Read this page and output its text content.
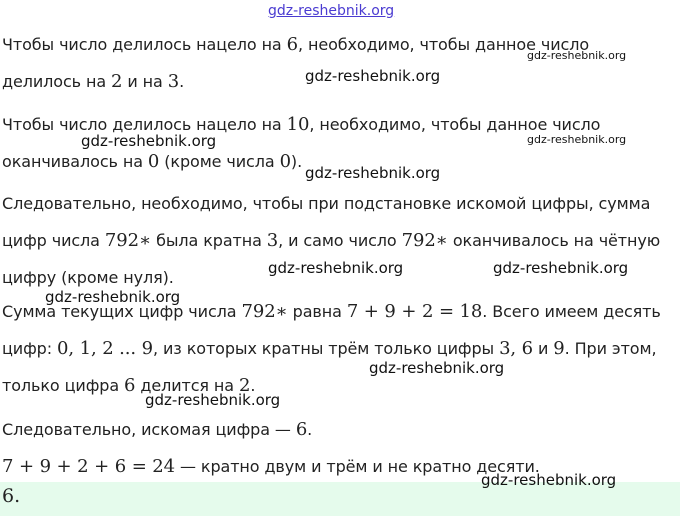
gdz-reshebnik.org

Чтобы число делилось нацело на 6, необходимо, чтобы данное число
делилось на 2 и на 3.

Чтобы число делилось нацело на 10, необходимо, чтобы данное число
оканчивалось на 0 (кроме числа 0).

Следовательно, необходимо, чтобы при подстановке искомой цифры, сумма
цифр числа 792∗ была кратна 3, и само число 792∗ оканчивалось на чётную
цифру (кроме нуля).

Сумма текущих цифр числа 792∗ равна 7 + 9 + 2 = 18. Всего имеем десять
цифр: 0, 1, 2 ... 9, из которых кратны трём только цифры 3, 6 и 9. При этом,
только цифра 6 делится на 2.

Следовательно, искомая цифра — 6.
7 + 9 + 2 + 6 = 24 — кратно двум и трём и не кратно десяти.

6.
gdz-reshebnik.org
gdz-reshebnik.org
gdz-reshebnik.org	gdz-reshebnik.org
gdz-reshebnik.org
gdz-reshebnik.org	gdz-reshebnik.org
gdz-reshebnik.org
gdz-reshebnik.org
gdz-reshebnik.org
gdz-reshebnik.org
